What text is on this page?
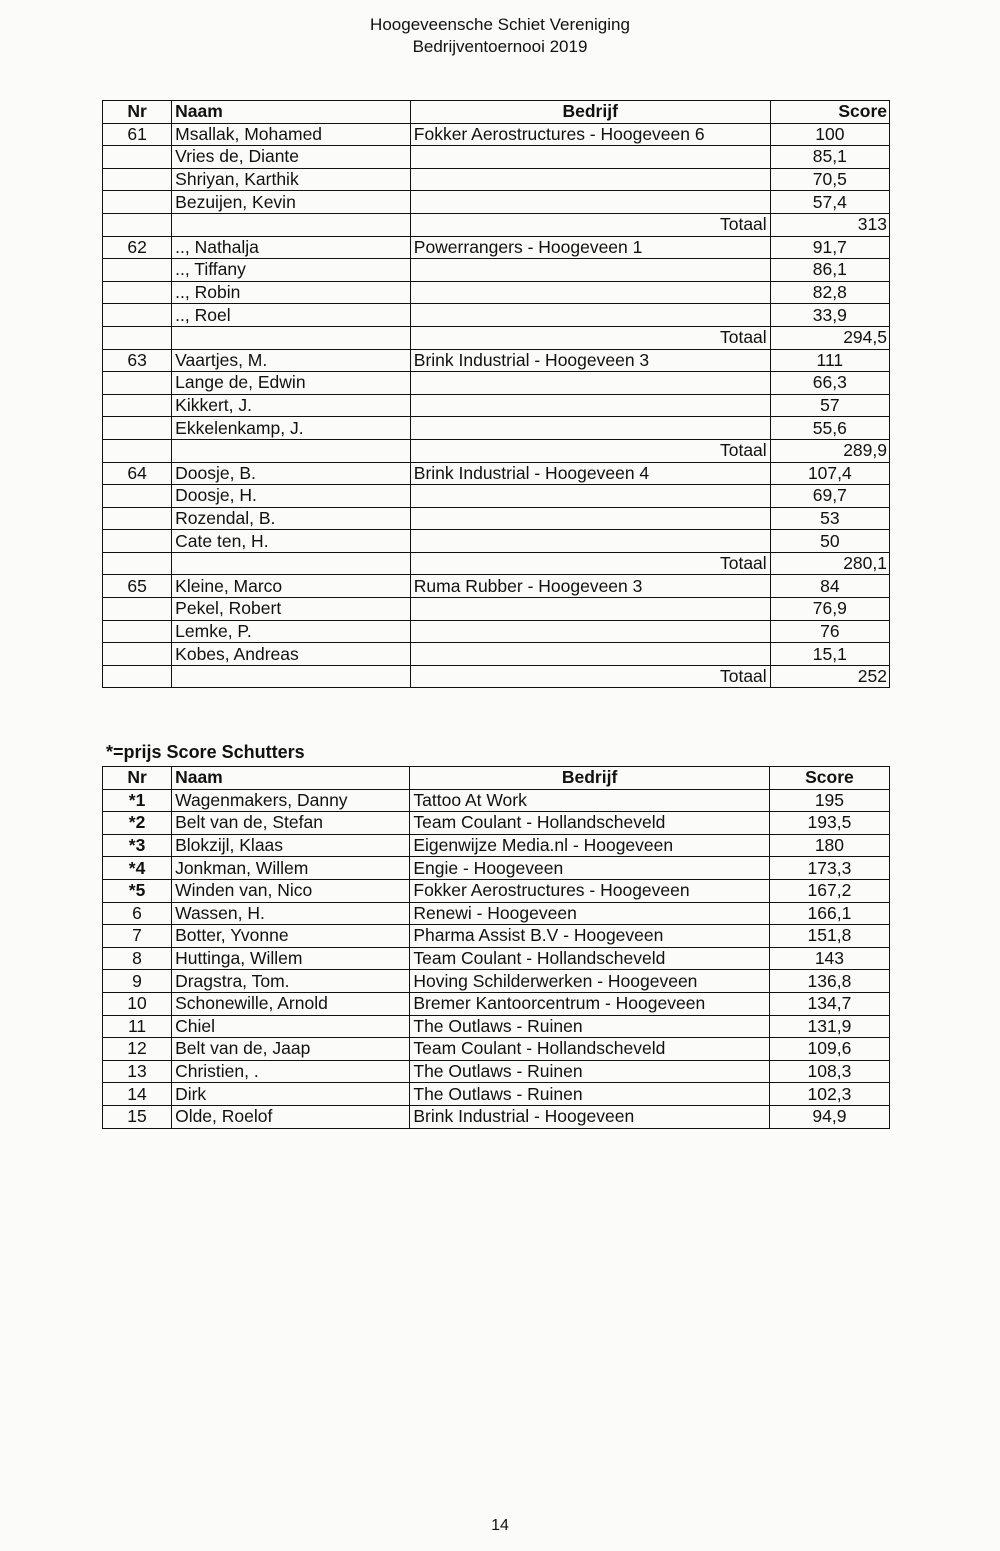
Hoogeveensche Schiet Vereniging
Bedrijventoernooi 2019
Nr	Naam	Bedrijf	Score
61	Msallak, Mohamed	Fokker Aerostructures - Hoogeveen 6	100
	Vries de, Diante		85,1
	Shriyan, Karthik		70,5
	Bezuijen, Kevin		57,4
		Totaal	313
62	.., Nathalja	Powerrangers - Hoogeveen 1	91,7
	.., Tiffany		86,1
	.., Robin		82,8
	.., Roel		33,9
		Totaal	294,5
63	Vaartjes, M.	Brink Industrial - Hoogeveen 3	111
	Lange de, Edwin		66,3
	Kikkert, J.		57
	Ekkelenkamp, J.		55,6
		Totaal	289,9
64	Doosje, B.	Brink Industrial - Hoogeveen 4	107,4
	Doosje, H.		69,7
	Rozendal, B.		53
	Cate ten, H.		50
		Totaal	280,1
65	Kleine, Marco	Ruma Rubber - Hoogeveen 3	84
	Pekel, Robert		76,9
	Lemke, P.		76
	Kobes, Andreas		15,1
		Totaal	252
*=prijs Score Schutters
Nr	Naam	Bedrijf	Score
*1	Wagenmakers, Danny	Tattoo At Work	195
*2	Belt van de, Stefan	Team Coulant - Hollandscheveld	193,5
*3	Blokzijl, Klaas	Eigenwijze Media.nl - Hoogeveen	180
*4	Jonkman, Willem	Engie - Hoogeveen	173,3
*5	Winden van, Nico	Fokker Aerostructures - Hoogeveen	167,2
6	Wassen, H.	Renewi - Hoogeveen	166,1
7	Botter, Yvonne	Pharma Assist B.V - Hoogeveen	151,8
8	Huttinga, Willem	Team Coulant - Hollandscheveld	143
9	Dragstra, Tom.	Hoving Schilderwerken - Hoogeveen	136,8
10	Schonewille, Arnold	Bremer Kantoorcentrum - Hoogeveen	134,7
11	Chiel	The Outlaws - Ruinen	131,9
12	Belt van de, Jaap	Team Coulant - Hollandscheveld	109,6
13	Christien, .	The Outlaws - Ruinen	108,3
14	Dirk	The Outlaws - Ruinen	102,3
15	Olde, Roelof	Brink Industrial - Hoogeveen	94,9
14
